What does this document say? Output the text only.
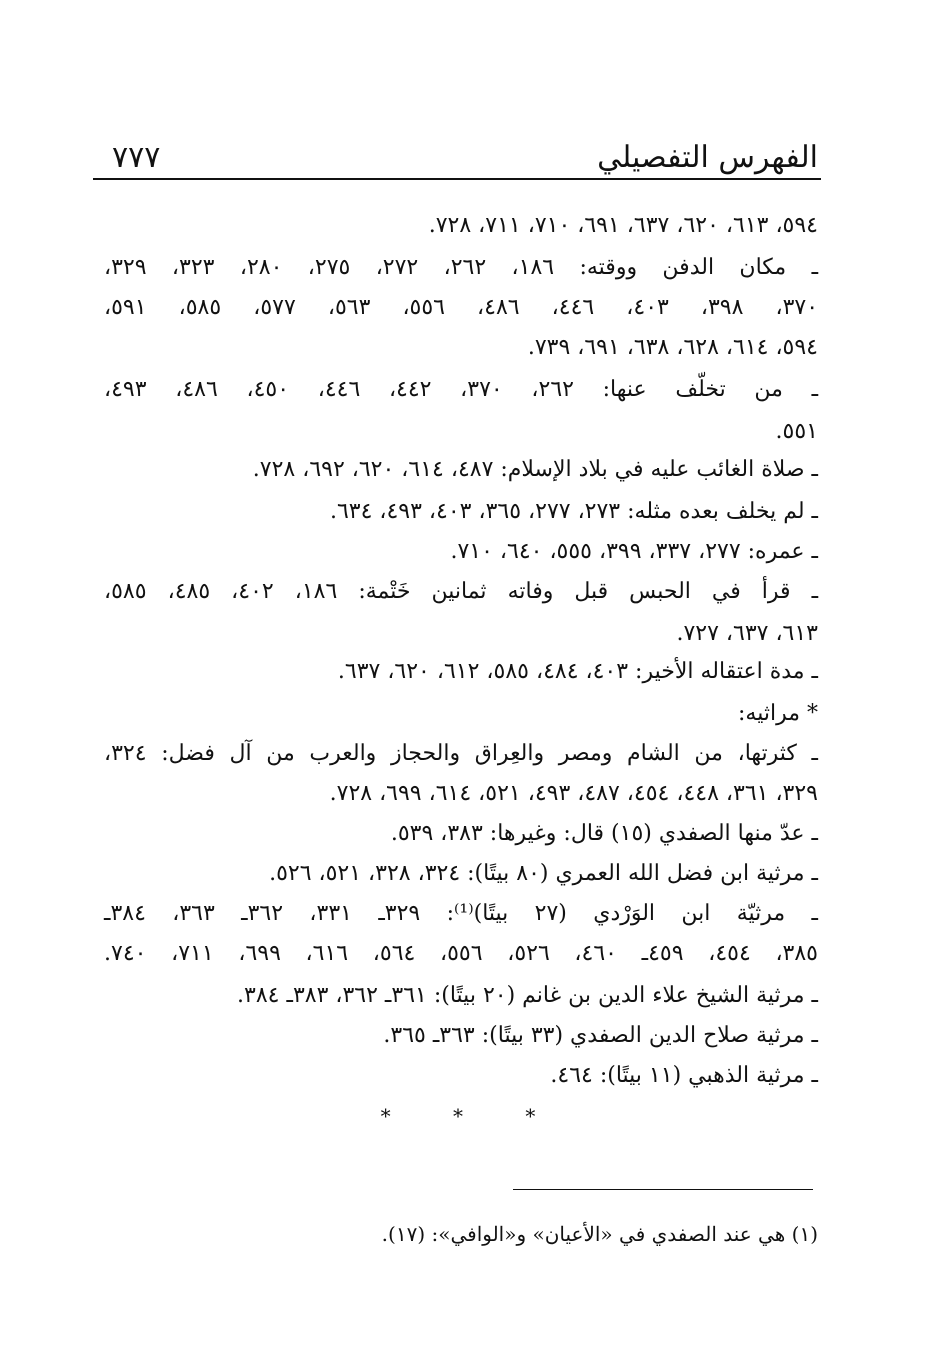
الفهرس التفصيلي
٧٧٧
٥٩٤، ٦١٣، ٦٢٠، ٦٣٧، ٦٩١، ٧١٠، ٧١١، ٧٢٨.
ـ مكان الدفن ووقته: ١٨٦، ٢٦٢، ٢٧٢، ٢٧٥، ٢٨٠، ٣٢٣، ٣٢٩،
٣٧٠، ٣٩٨، ٤٠٣، ٤٤٦، ٤٨٦، ٥٥٦، ٥٦٣، ٥٧٧، ٥٨٥، ٥٩١،
٥٩٤، ٦١٤، ٦٢٨، ٦٣٨، ٦٩١، ٧٣٩.
ـ من تخلّف عنها: ٢٦٢، ٣٧٠، ٤٤٢، ٤٤٦، ٤٥٠، ٤٨٦، ٤٩٣،
٥٥١.
ـ صلاة الغائب عليه في بلاد الإسلام: ٤٨٧، ٦١٤، ٦٢٠، ٦٩٢، ٧٢٨.
ـ لم يخلف بعده مثله: ٢٧٣، ٢٧٧، ٣٦٥، ٤٠٣، ٤٩٣، ٦٣٤.
ـ عمره: ٢٧٧، ٣٣٧، ٣٩٩، ٥٥٥، ٦٤٠، ٧١٠.
ـ قرأ في الحبس قبل وفاته ثمانين خَتْمة: ١٨٦، ٤٠٢، ٤٨٥، ٥٨٥،
٦١٣، ٦٣٧، ٧٢٧.
ـ مدة اعتقاله الأخير: ٤٠٣، ٤٨٤، ٥٨٥، ٦١٢، ٦٢٠، ٦٣٧.
* مراثيه:
ـ كثرتها، من الشام ومصر والعِراق والحجاز والعرب من آل فضل: ٣٢٤،
٣٢٩، ٣٦١، ٤٤٨، ٤٥٤، ٤٨٧، ٤٩٣، ٥٢١، ٦١٤، ٦٩٩، ٧٢٨.
ـ عدّ منها الصفدي (١٥) قال: وغيرها: ٣٨٣، ٥٣٩.
ـ مرثية ابن فضل الله العمري (٨٠ بيتًا): ٣٢٤، ٣٢٨، ٥٢١، ٥٢٦.
ـ مرثيّة ابن الوَرْدي (٢٧ بيتًا)⁽¹⁾: ٣٢٩ـ ٣٣١، ٣٦٢ـ ٣٦٣، ٣٨٤ـ
٣٨٥، ٤٥٤، ٤٥٩ـ ٤٦٠، ٥٢٦، ٥٥٦، ٥٦٤، ٦١٦، ٦٩٩، ٧١١، ٧٤٠.
ـ مرثية الشيخ علاء الدين بن غانم (٢٠ بيتًا): ٣٦١ـ ٣٦٢، ٣٨٣ـ ٣٨٤.
ـ مرثية صلاح الدين الصفدي (٣٣ بيتًا): ٣٦٣ـ ٣٦٥.
ـ مرثية الذهبي (١١ بيتًا): ٤٦٤.
* * *
(١) هي عند الصفدي في «الأعيان» و«الوافي»: (١٧).
